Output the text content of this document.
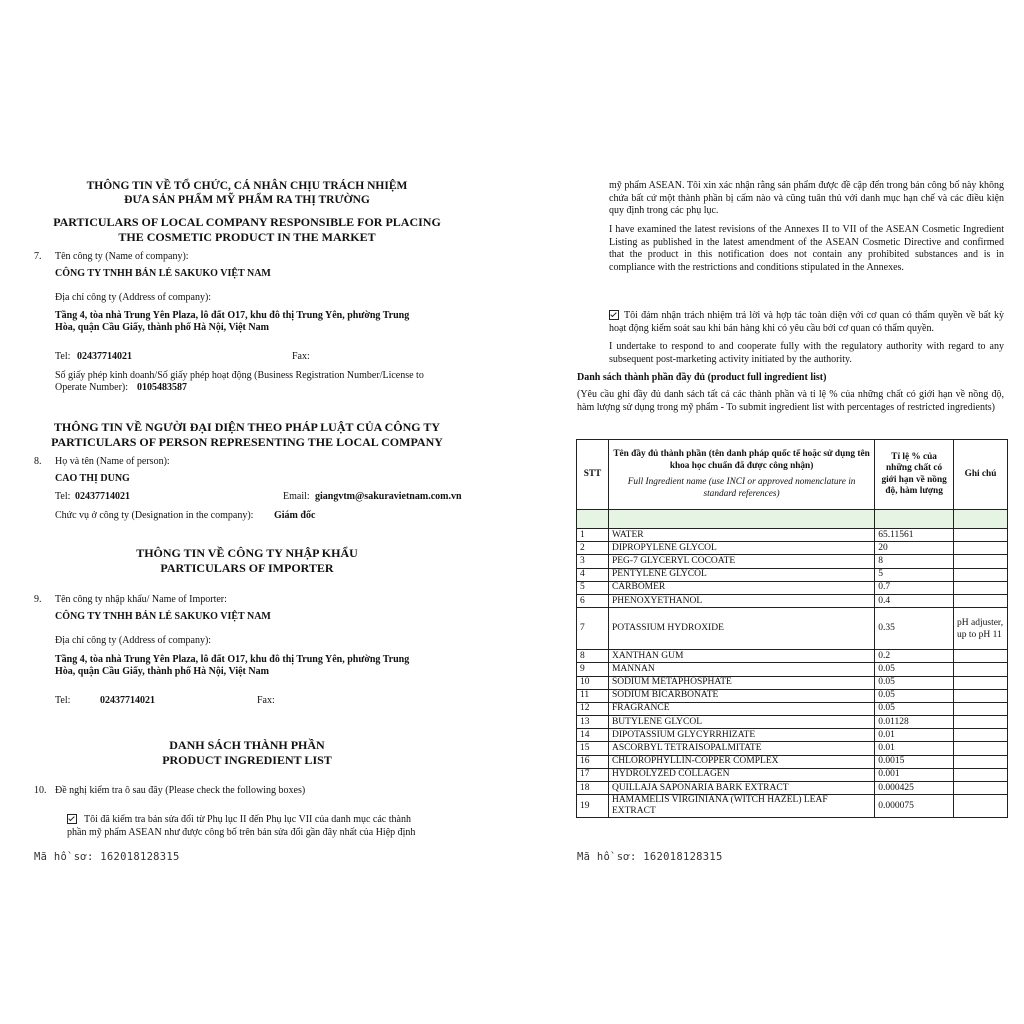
THÔNG TIN VỀ TỔ CHỨC, CÁ NHÂN CHỊU TRÁCH NHIỆM
ĐƯA SẢN PHẨM MỸ PHẨM RA THỊ TRƯỜNG
PARTICULARS OF LOCAL COMPANY RESPONSIBLE FOR PLACING
THE COSMETIC PRODUCT IN THE MARKET
7. Tên công ty (Name of company):
CÔNG TY TNHH BÁN LẺ SAKUKO VIỆT NAM
Địa chỉ công ty (Address of company):
Tầng 4, tòa nhà Trung Yên Plaza, lô đất O17, khu đô thị Trung Yên, phường Trung
Hòa, quận Cầu Giấy, thành phố Hà Nội, Việt Nam
Tel: 02437714021	Fax:
Số giấy phép kinh doanh/Số giấy phép hoạt động (Business Registration Number/License to
Operate Number): 0105483587
THÔNG TIN VỀ NGƯỜI ĐẠI DIỆN THEO PHÁP LUẬT CỦA CÔNG TY
PARTICULARS OF PERSON REPRESENTING THE LOCAL COMPANY
8. Họ và tên (Name of person):
CAO THỊ DUNG
Tel: 02437714021	Email: giangvtm@sakuravietnam.com.vn
Chức vụ ở công ty (Designation in the company): Giám đốc
THÔNG TIN VỀ CÔNG TY NHẬP KHẨU
PARTICULARS OF IMPORTER
9. Tên công ty nhập khẩu/ Name of Importer:
CÔNG TY TNHH BÁN LẺ SAKUKO VIỆT NAM
Địa chỉ công ty (Address of company):
Tầng 4, tòa nhà Trung Yên Plaza, lô đất O17, khu đô thị Trung Yên, phường Trung
Hòa, quận Cầu Giấy, thành phố Hà Nội, Việt Nam
Tel:	02437714021	Fax:
DANH SÁCH THÀNH PHẦN
PRODUCT INGREDIENT LIST
10. Đề nghị kiểm tra ô sau đây (Please check the following boxes)
Tôi đã kiểm tra bản sửa đổi từ Phụ lục II đến Phụ lục VII của danh mục các thành
phần mỹ phẩm ASEAN như được công bố trên bản sửa đổi gần đây nhất của Hiệp định
Mã hồ sơ: 162018128315
mỹ phẩm ASEAN. Tôi xin xác nhận rằng sản phẩm được đề cập đến trong bản công bố này không chứa bất cứ một thành phần bị cấm nào và cũng tuân thủ với danh mục hạn chế và các điều kiện quy định trong các phụ lục.
I have examined the latest revisions of the Annexes II to VII of the ASEAN Cosmetic Ingredient Listing as published in the latest amendment of the ASEAN Cosmetic Directive and confirmed that the product in this notification does not contain any prohibited substances and is in compliance with the restrictions and conditions stipulated in the Annexes.
Tôi đảm nhận trách nhiệm trả lời và hợp tác toàn diện với cơ quan có thẩm quyền về bất kỳ hoạt động kiểm soát sau khi bán hàng khi có yêu cầu bởi cơ quan có thẩm quyền.
I undertake to respond to and cooperate fully with the regulatory authority with regard to any subsequent post-marketing activity initiated by the authority.
Danh sách thành phần đầy đủ (product full ingredient list)
(Yêu cầu ghi đầy đủ danh sách tất cả các thành phần và tỉ lệ % của những chất có giới hạn về nồng độ, hàm lượng sử dụng trong mỹ phẩm - To submit ingredient list with percentages of restricted ingredients)
STT	Tên đầy đủ thành phần (tên danh pháp quốc tế hoặc sử dụng tên khoa học chuẩn đã được công nhận)
Full Ingredient name (use INCI or approved nomenclature in standard references)	Tỉ lệ % của những chất có giới hạn về nồng độ, hàm lượng	Ghi chú

1	WATER	65.11561	
2	DIPROPYLENE GLYCOL	20	
3	PEG-7 GLYCERYL COCOATE	8	
4	PENTYLENE GLYCOL	5	
5	CARBOMER	0.7	
6	PHENOXYETHANOL	0.4	
7	POTASSIUM HYDROXIDE	0.35	pH adjuster, up to pH 11
8	XANTHAN GUM	0.2	
9	MANNAN	0.05	
10	SODIUM METAPHOSPHATE	0.05	
11	SODIUM BICARBONATE	0.05	
12	FRAGRANCE	0.05	
13	BUTYLENE GLYCOL	0.01128	
14	DIPOTASSIUM GLYCYRRHIZATE	0.01	
15	ASCORBYL TETRAISOPALMITATE	0.01	
16	CHLOROPHYLLIN-COPPER COMPLEX	0.0015	
17	HYDROLYZED COLLAGEN	0.001	
18	QUILLAJA SAPONARIA BARK EXTRACT	0.000425	
19	HAMAMELIS VIRGINIANA (WITCH HAZEL) LEAF EXTRACT	0.000075	
Mã hồ sơ: 162018128315
